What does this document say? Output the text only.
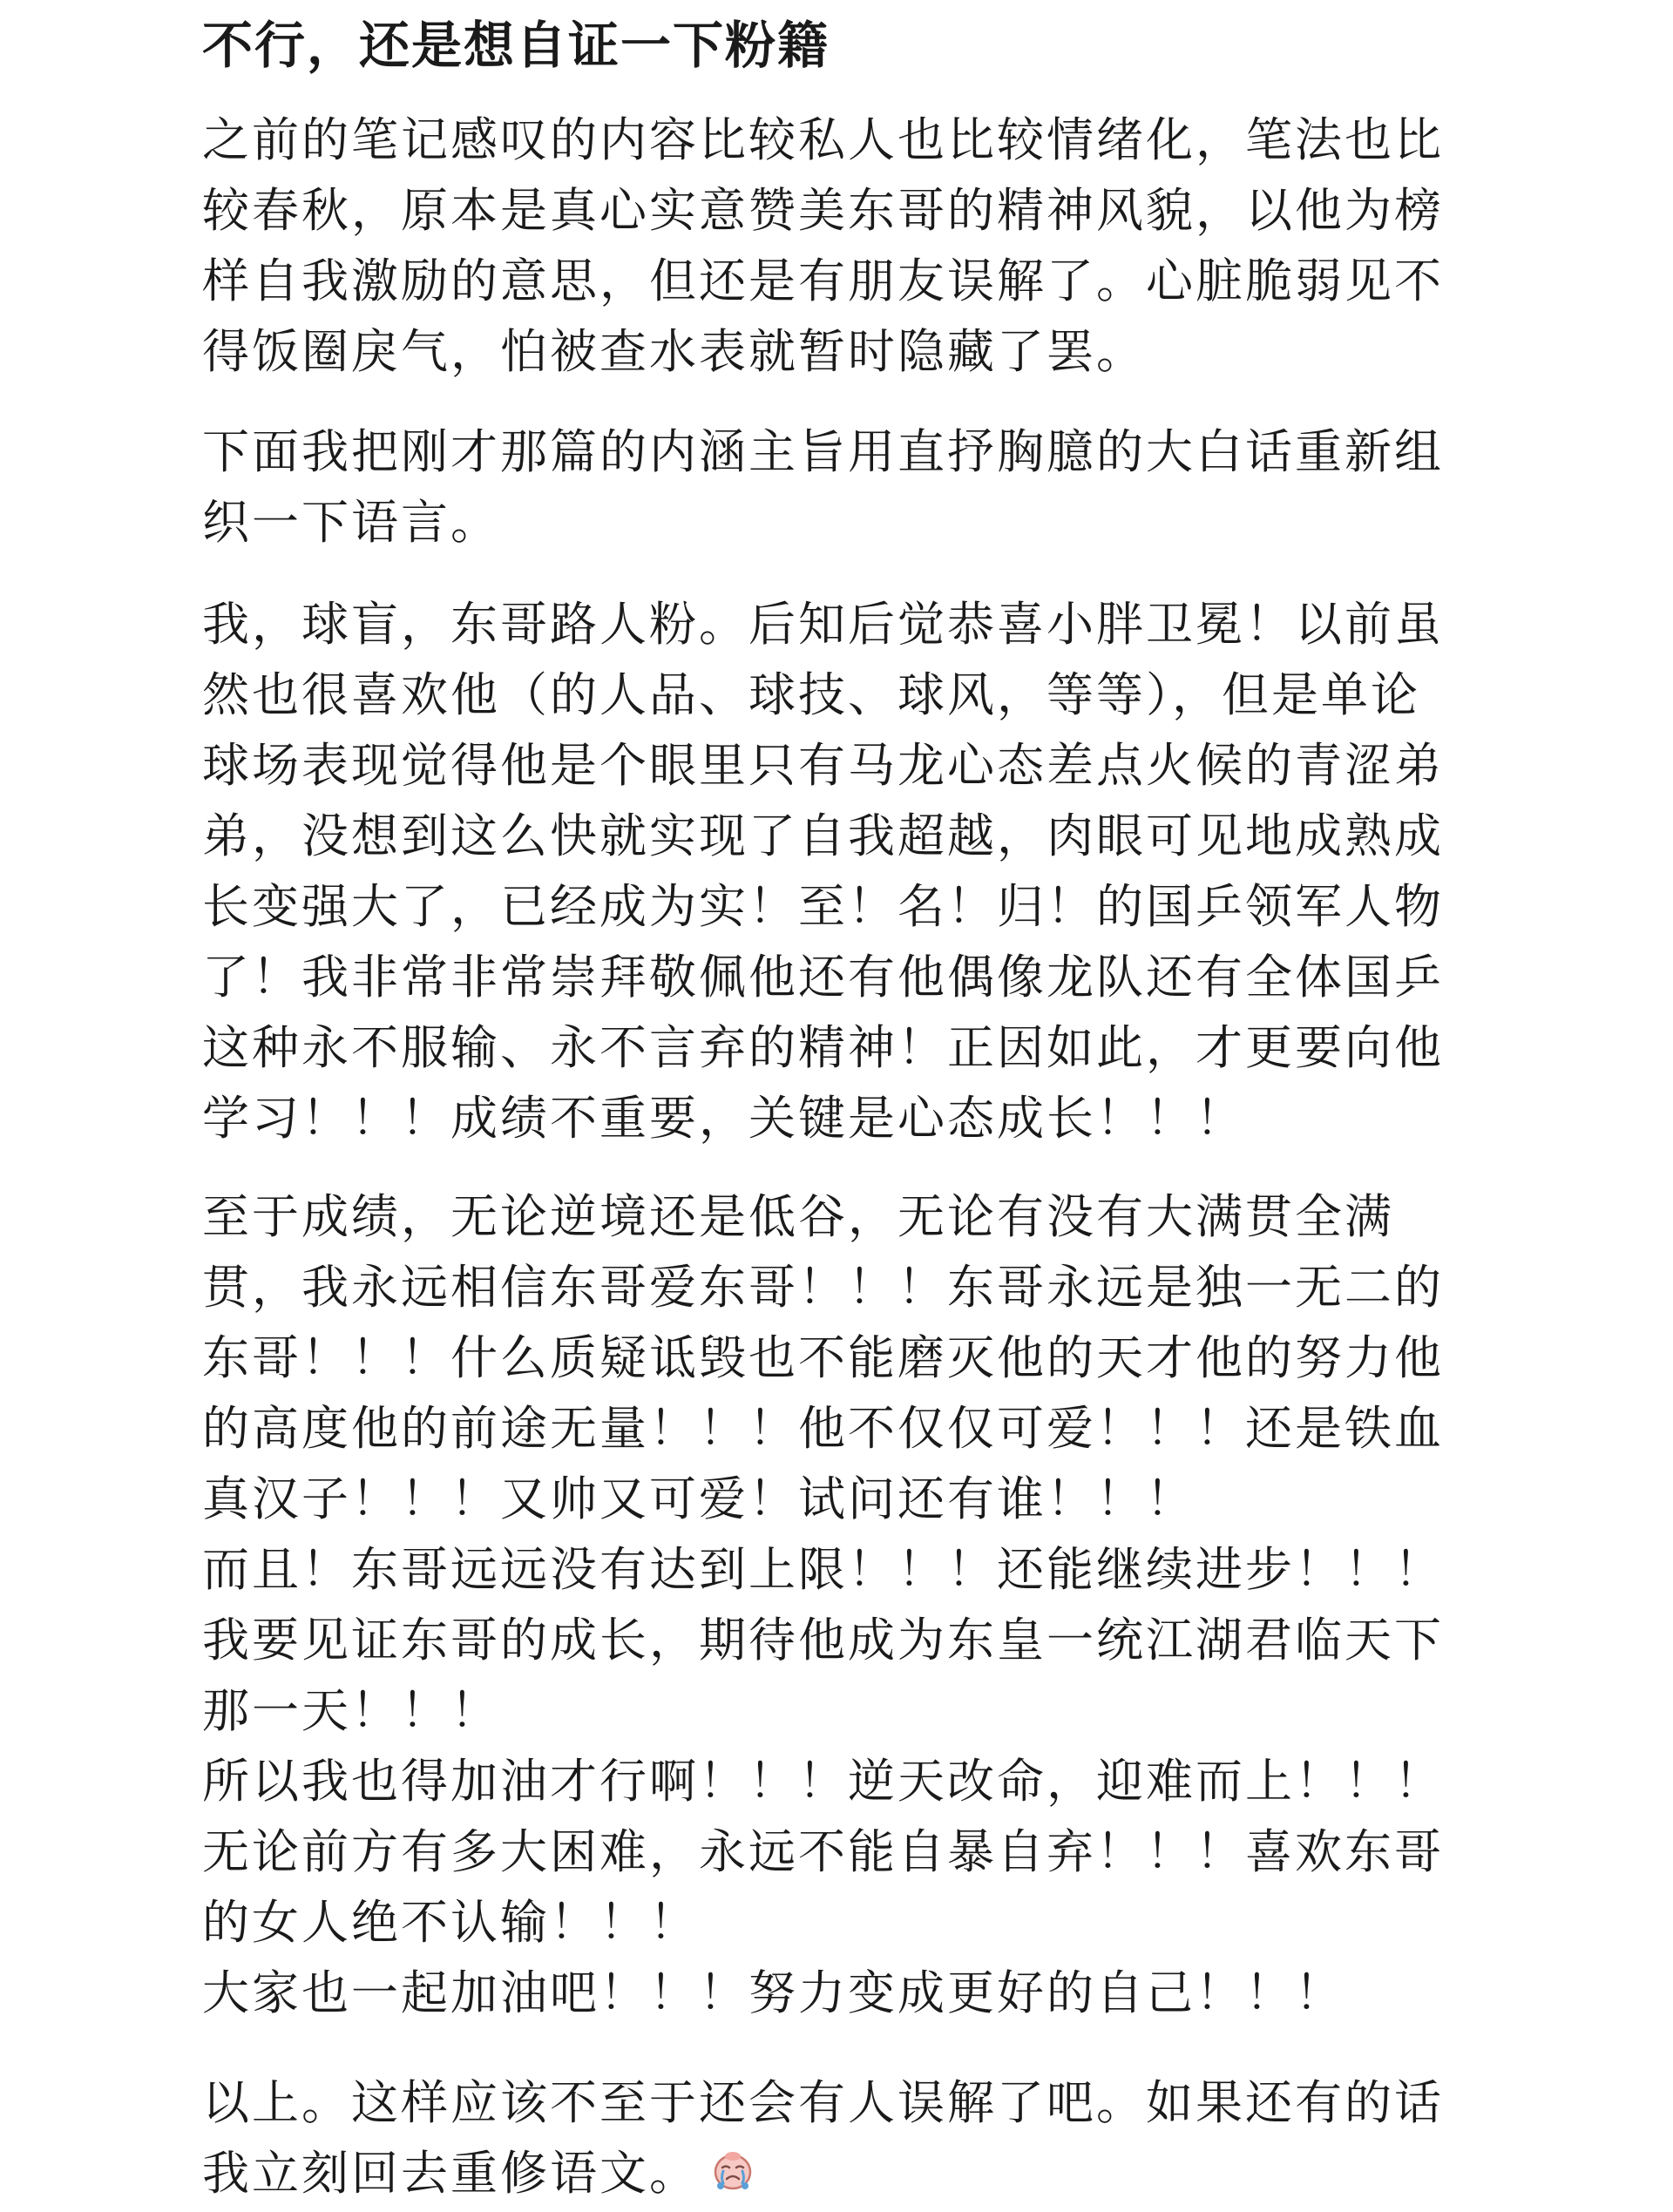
不行，还是想自证一下粉籍
之前的笔记感叹的内容比较私人也比较情绪化，笔法也比
较春秋，原本是真心实意赞美东哥的精神风貌，以他为榜
样自我激励的意思，但还是有朋友误解了。心脏脆弱见不
得饭圈戾气，怕被查水表就暂时隐藏了罢。
下面我把刚才那篇的内涵主旨用直抒胸臆的大白话重新组
织一下语言。
我，球盲，东哥路人粉。后知后觉恭喜小胖卫冕！以前虽
然也很喜欢他（的人品、球技、球风，等等），但是单论
球场表现觉得他是个眼里只有马龙心态差点火候的青涩弟
弟，没想到这么快就实现了自我超越，肉眼可见地成熟成
长变强大了，已经成为实！至！名！归！的国乒领军人物
了！我非常非常崇拜敬佩他还有他偶像龙队还有全体国乒
这种永不服输、永不言弃的精神！正因如此，才更要向他
学习！！！成绩不重要，关键是心态成长！！！
至于成绩，无论逆境还是低谷，无论有没有大满贯全满
贯，我永远相信东哥爱东哥！！！东哥永远是独一无二的
东哥！！！什么质疑诋毁也不能磨灭他的天才他的努力他
的高度他的前途无量！！！他不仅仅可爱！！！还是铁血
真汉子！！！又帅又可爱！试问还有谁！！！
而且！东哥远远没有达到上限！！！还能继续进步！！！
我要见证东哥的成长，期待他成为东皇一统江湖君临天下
那一天！！！
所以我也得加油才行啊！！！逆天改命，迎难而上！！！
无论前方有多大困难，永远不能自暴自弃！！！喜欢东哥
的女人绝不认输！！！
大家也一起加油吧！！！努力变成更好的自己！！！
以上。这样应该不至于还会有人误解了吧。如果还有的话
我立刻回去重修语文。
